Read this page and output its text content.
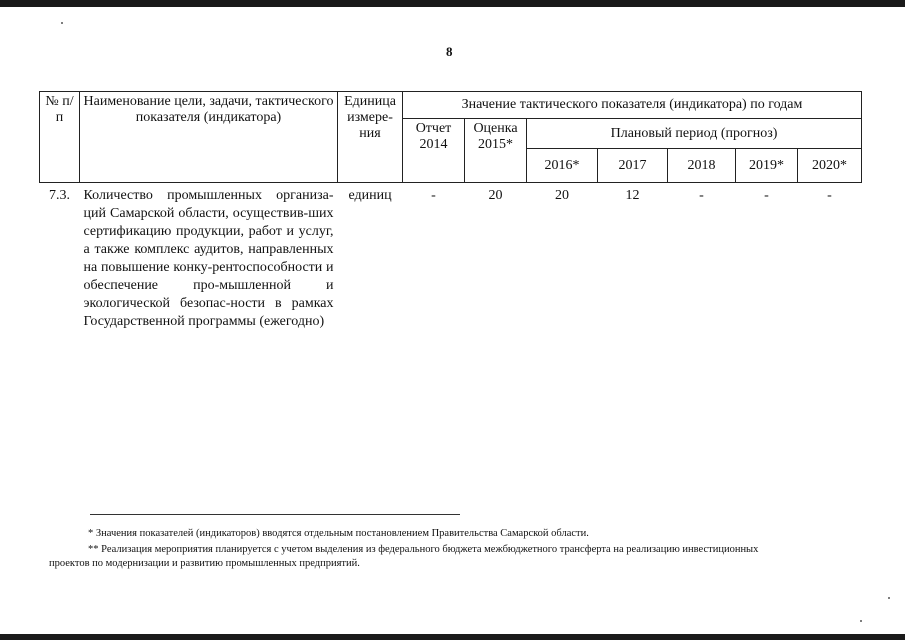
8
№ п/п	Наименование цели, задачи, тактического показателя (индикатора)	Единица измере-ния	Значение тактического показателя (индикатора) по годам						
			Отчет 2014	Оценка 2015*	Плановый период (прогноз)				
					2016*	2017	2018	2019*	2020*
7.3.	Количество промышленных организа-ций Самарской области, осуществив-ших сертификацию продукции, работ и услуг, а также комплекс аудитов, направленных на повышение конку-рентоспособности и обеспечение про-мышленной и экологической безопас-ности в рамках Государственной программы (ежегодно)	единиц	-	20	20	12	-	-	-
* Значения показателей (индикаторов) вводятся отдельным постановлением Правительства Самарской области.
** Реализация мероприятия планируется с учетом выделения из федерального бюджета межбюджетного трансферта на реализацию инвестиционных
проектов по модернизации и развитию промышленных предприятий.
